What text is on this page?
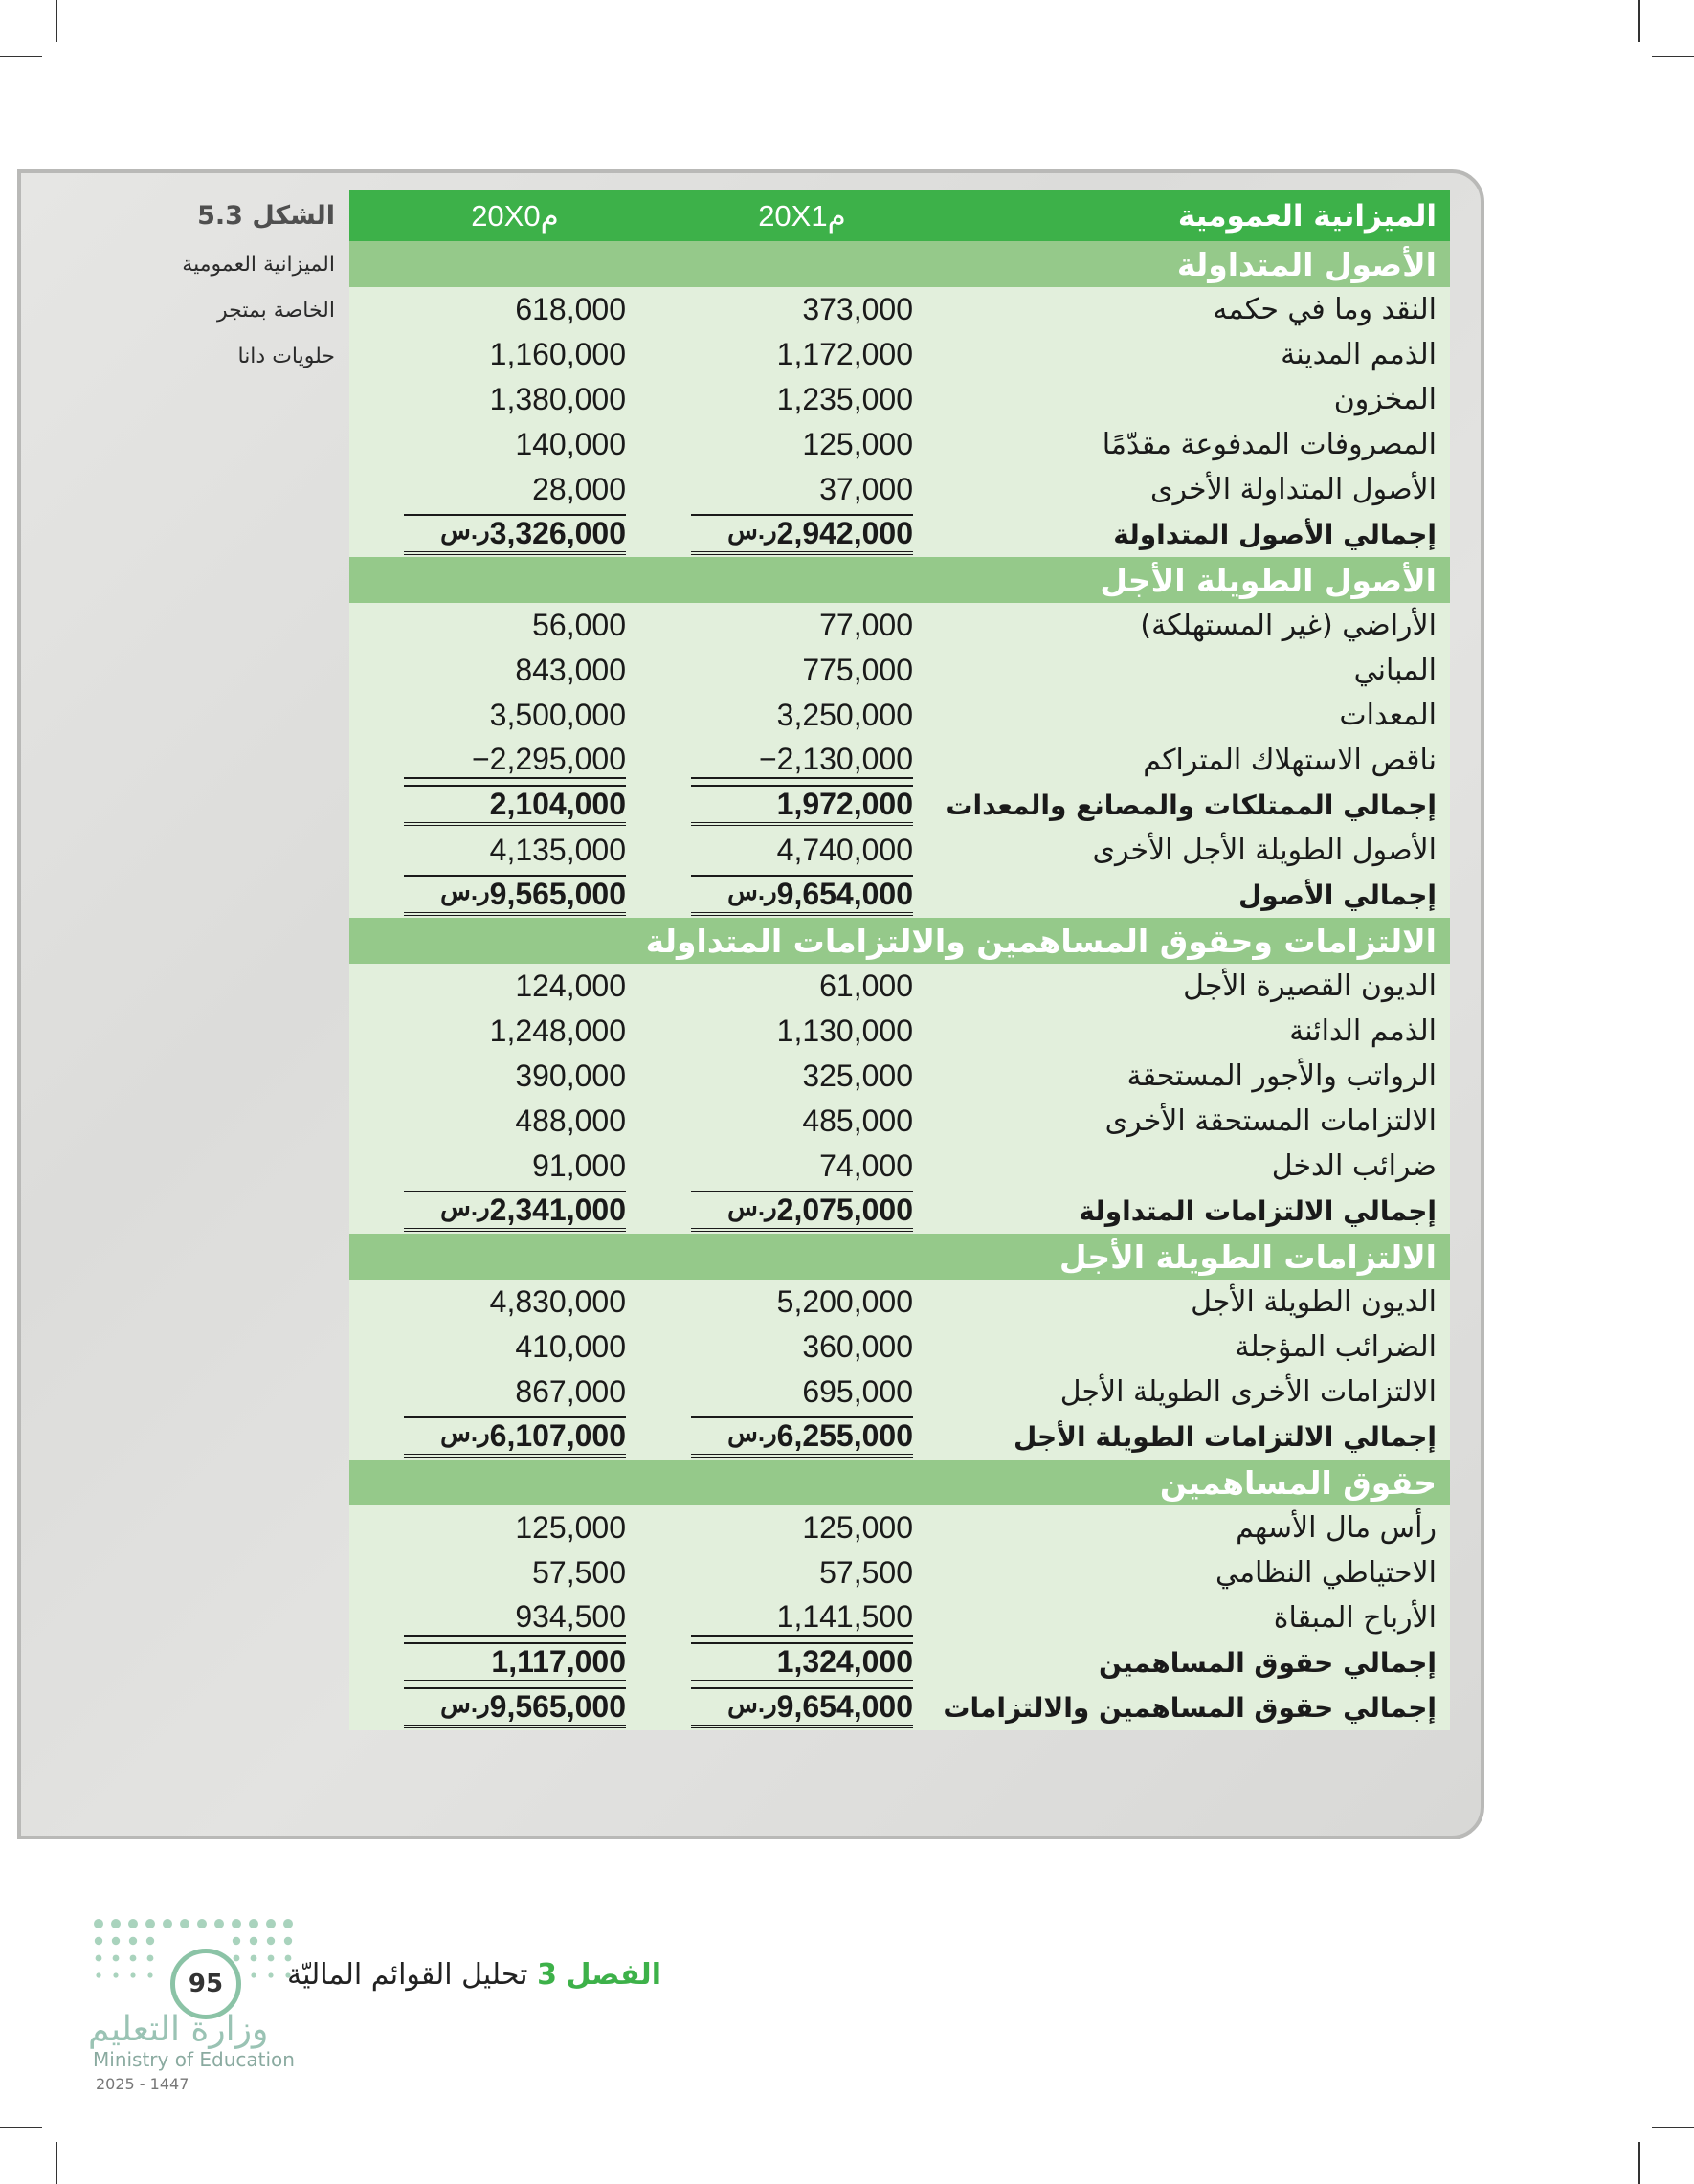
الشكل 5.3
الميزانية العمومية
الخاصة بمتجر
حلويات دانا
الميزانية العمومية
20X1م
20X0م
الأصول المتداولة
النقد وما في حكمه
373,000
618,000
الذمم المدينة
1,172,000
1,160,000
المخزون
1,235,000
1,380,000
المصروفات المدفوعة مقدّمًا
125,000
140,000
الأصول المتداولة الأخرى
37,000
28,000
إجمالي الأصول المتداولة
2,942,000
ر.س
3,326,000
ر.س
الأصول الطويلة الأجل
الأراضي (غير المستهلكة)
77,000
56,000
المباني
775,000
843,000
المعدات
3,250,000
3,500,000
ناقص الاستهلاك المتراكم
−2,130,000
−2,295,000
إجمالي الممتلكات والمصانع والمعدات
1,972,000
2,104,000
الأصول الطويلة الأجل الأخرى
4,740,000
4,135,000
إجمالي الأصول
9,654,000
ر.س
9,565,000
ر.س
الالتزامات وحقوق المساهمين والالتزامات المتداولة
الديون القصيرة الأجل
61,000
124,000
الذمم الدائنة
1,130,000
1,248,000
الرواتب والأجور المستحقة
325,000
390,000
الالتزامات المستحقة الأخرى
485,000
488,000
ضرائب الدخل
74,000
91,000
إجمالي الالتزامات المتداولة
2,075,000
ر.س
2,341,000
ر.س
الالتزامات الطويلة الأجل
الديون الطويلة الأجل
5,200,000
4,830,000
الضرائب المؤجلة
360,000
410,000
الالتزامات الأخرى الطويلة الأجل
695,000
867,000
إجمالي الالتزامات الطويلة الأجل
6,255,000
ر.س
6,107,000
ر.س
حقوق المساهمين
رأس مال الأسهم
125,000
125,000
الاحتياطي النظامي
57,500
57,500
الأرباح المبقاة
1,141,500
934,500
إجمالي حقوق المساهمين
1,324,000
1,117,000
إجمالي حقوق المساهمين والالتزامات
9,654,000
ر.س
9,565,000
ر.س
95	الفصل 3 تحليل القوائم الماليّة
وزارة التعليم
Ministry of Education
2025 - 1447
